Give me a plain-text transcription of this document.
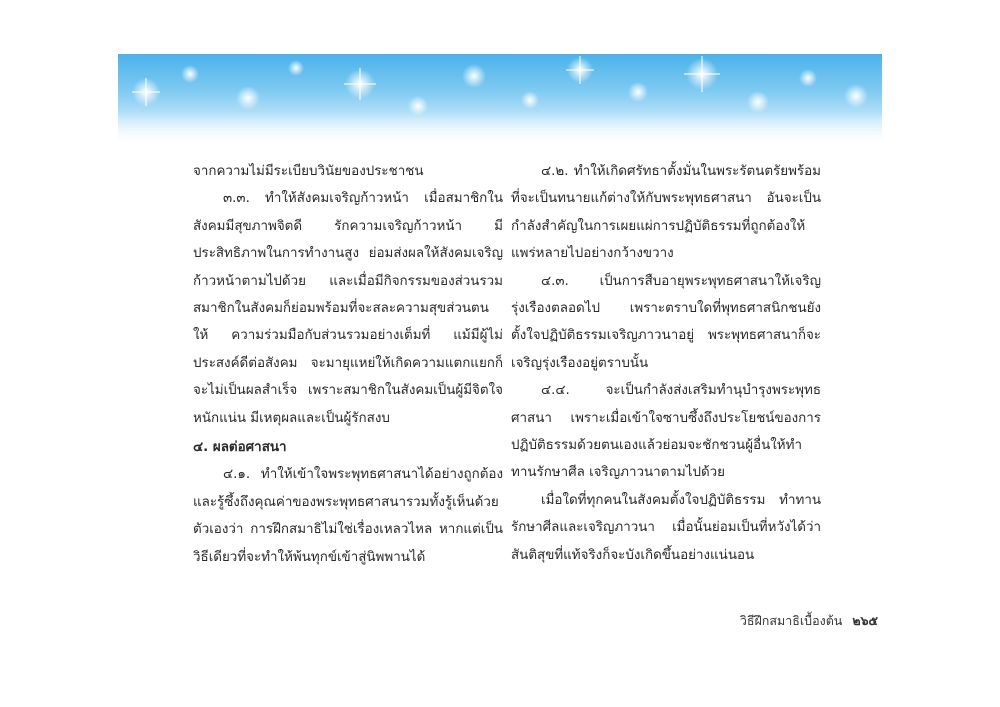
จากความไม่มีระเบียบวินัยของประชาชน

๓.๓. ทำให้สังคมเจริญก้าวหน้า เมื่อสมาชิกในสังคมมีสุขภาพจิตดี รักความเจริญก้าวหน้า มีประสิทธิภาพในการทำงานสูง ย่อมส่งผลให้สังคมเจริญก้าวหน้าตามไปด้วย และเมื่อมีกิจกรรมของส่วนรวม สมาชิกในสังคมก็ย่อมพร้อมที่จะสละความสุขส่วนตน ให้ ความร่วมมือกับส่วนรวมอย่างเต็มที่ แม้มีผู้ไม่ประสงค์ดีต่อสังคม จะมายุแหย่ให้เกิดความแตกแยกก็จะไม่เป็นผลสำเร็จ เพราะสมาชิกในสังคมเป็นผู้มีจิตใจหนักแน่น มีเหตุผลและเป็นผู้รักสงบ

๔. ผลต่อศาสนา

๔.๑. ทำให้เข้าใจพระพุทธศาสนาได้อย่างถูกต้องและรู้ซึ้งถึงคุณค่าของพระพุทธศาสนารวมทั้งรู้เห็นด้วยตัวเองว่า การฝึกสมาธิไม่ใช่เรื่องเหลวไหล หากแต่เป็นวิธีเดียวที่จะทำให้พ้นทุกข์เข้าสู่นิพพานได้

๔.๒. ทำให้เกิดศรัทธาตั้งมั่นในพระรัตนตรัยพร้อมที่จะเป็นทนายแก้ต่างให้กับพระพุทธศาสนา อันจะเป็นกำลังสำคัญในการเผยแผ่การปฏิบัติธรรมที่ถูกต้องให้แพร่หลายไปอย่างกว้างขวาง

๔.๓. เป็นการสืบอายุพระพุทธศาสนาให้เจริญรุ่งเรืองตลอดไป เพราะตราบใดที่พุทธศาสนิกชนยังตั้งใจปฏิบัติธรรมเจริญภาวนาอยู่ พระพุทธศาสนาก็จะเจริญรุ่งเรืองอยู่ตราบนั้น

๔.๔. จะเป็นกำลังส่งเสริมทำนุบำรุงพระพุทธศาสนา เพราะเมื่อเข้าใจซาบซึ้งถึงประโยชน์ของการปฏิบัติธรรมด้วยตนเองแล้วย่อมจะชักชวนผู้อื่นให้ทำทานรักษาศีล เจริญภาวนาตามไปด้วย

เมื่อใดที่ทุกคนในสังคมตั้งใจปฏิบัติธรรม ทำทานรักษาศีลและเจริญภาวนา เมื่อนั้นย่อมเป็นที่หวังได้ว่าสันติสุขที่แท้จริงก็จะบังเกิดขึ้นอย่างแน่นอน

วิธีฝึกสมาธิเบื้องต้น ๒๖๕
